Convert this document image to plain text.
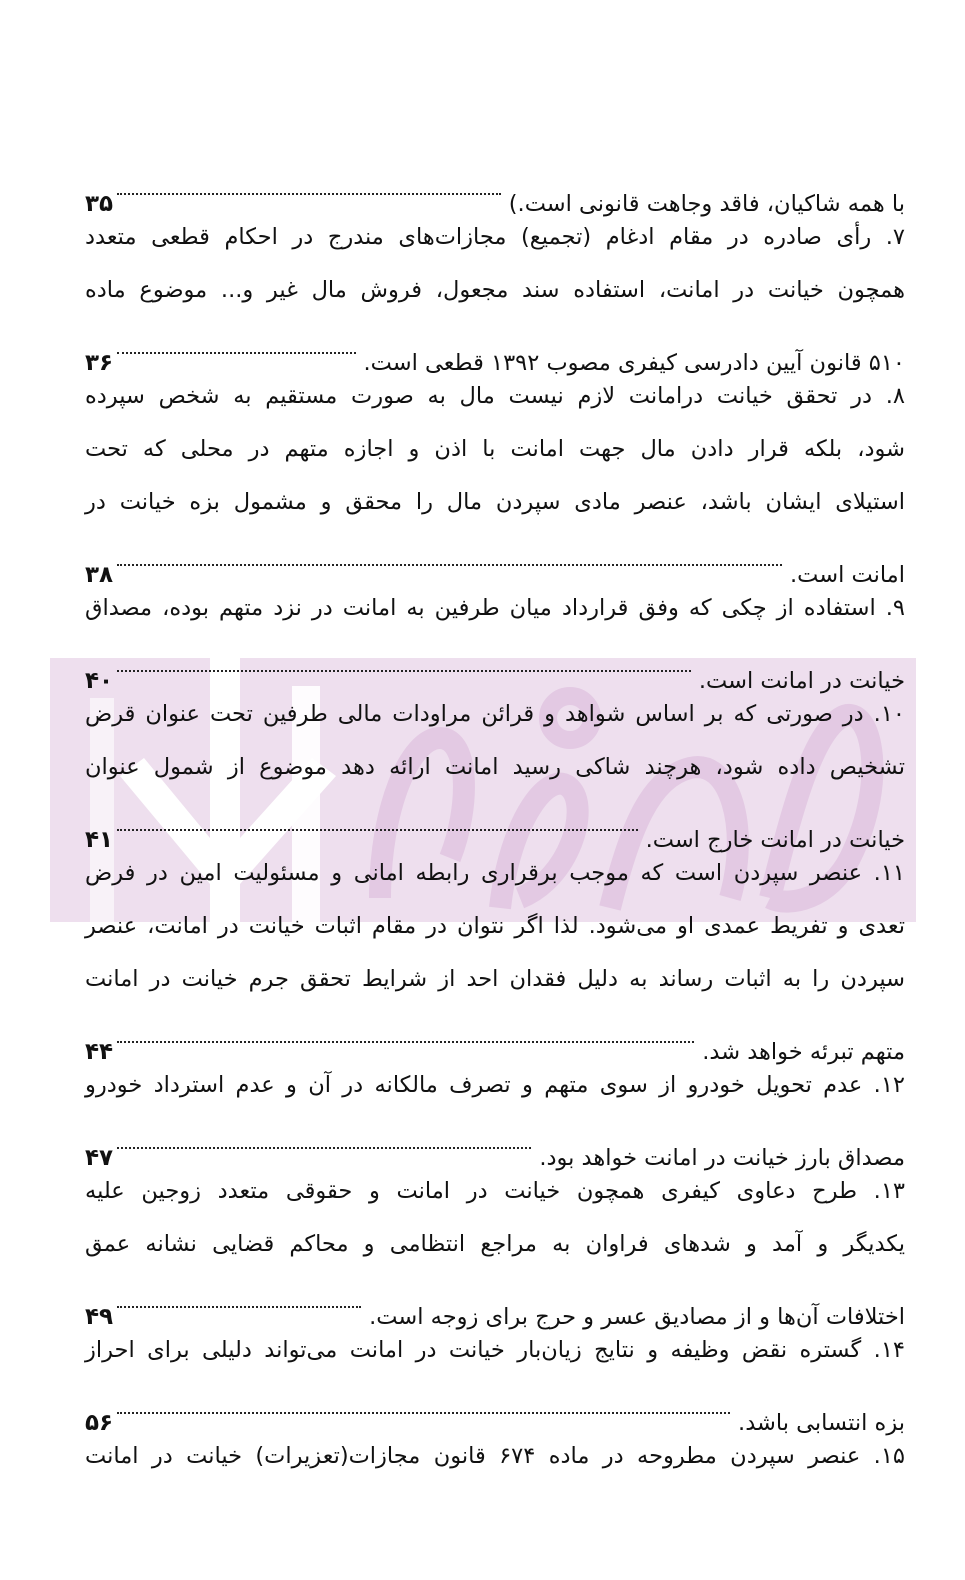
با همه شاکیان، فاقد وجاهت قانونی است.)
۳۵
۷. رأی صادره در مقام ادغام (تجمیع) مجازات‌های مندرج در احکام قطعی متعدد
همچون خیانت در امانت، استفاده سند مجعول، فروش مال غیر و... موضوع ماده
۵۱۰ قانون آیین دادرسی کیفری مصوب ۱۳۹۲ قطعی است.
۳۶
۸. در تحقق خیانت درامانت لازم نیست مال به صورت مستقیم به شخص سپرده
شود، بلکه قرار دادن مال جهت امانت با اذن و اجازه متهم در محلی که تحت
استیلای ایشان باشد، عنصر مادی سپردن مال را محقق و مشمول بزه خیانت در
امانت است.
۳۸
۹. استفاده از چکی که وفق قرارداد میان طرفین به امانت در نزد متهم بوده، مصداق
خیانت در امانت است.
۴۰
۱۰. در صورتی که بر اساس شواهد و قرائن مراودات مالی طرفین تحت عنوان قرض
تشخیص داده شود، هرچند شاکی رسید امانت ارائه دهد موضوع از شمول عنوان
خیانت در امانت خارج است.
۴۱
۱۱. عنصر سپردن است که موجب برقراری رابطه امانی و مسئولیت امین در فرض
تعدی و تفریط عمدی او می‌شود. لذا اگر نتوان در مقام اثبات خیانت در امانت، عنصر
سپردن را به اثبات رساند به دلیل فقدان احد از شرایط تحقق جرم خیانت در امانت
متهم تبرئه خواهد شد.
۴۴
۱۲. عدم تحویل خودرو از سوی متهم و تصرف مالکانه در آن و عدم استرداد خودرو
مصداق بارز خیانت در امانت خواهد بود.
۴۷
۱۳. طرح دعاوی کیفری همچون خیانت در امانت و حقوقی متعدد زوجین علیه
یکدیگر و آمد و شدهای فراوان به مراجع انتظامی و محاکم قضایی نشانه عمق
اختلافات آن‌ها و از مصادیق عسر و حرج برای زوجه است.
۴۹
۱۴. گستره نقض وظیفه و نتایج زیان‌بار خیانت در امانت می‌تواند دلیلی برای احراز
بزه انتسابی باشد.
۵۶
۱۵. عنصر سپردن مطروحه در ماده ۶۷۴ قانون مجازات(تعزیرات) خیانت در امانت
